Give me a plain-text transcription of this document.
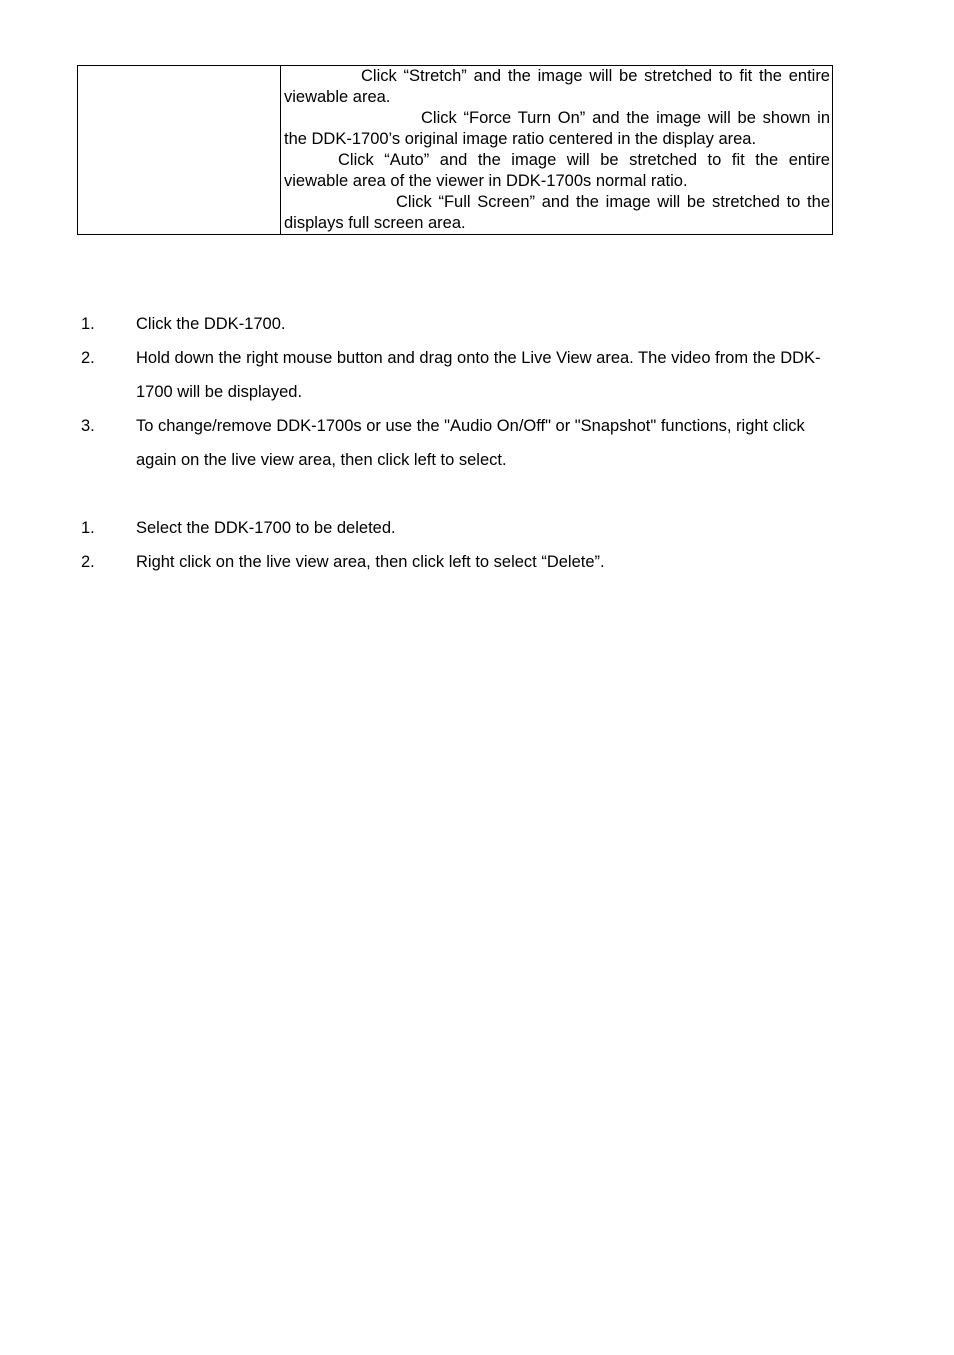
Click “Stretch” and the image will be stretched to fit the entire viewable area.

Click “Force Turn On” and the image will be shown in the DDK-1700’s original image ratio centered in the display area.

Click “Auto” and the image will be stretched to fit the entire viewable area of the viewer in DDK-1700s normal ratio.

Click “Full Screen” and the image will be stretched to the displays full screen area.

1.	Click the DDK-1700.
2.	Hold down the right mouse button and drag onto the Live View area. The video from the DDK-1700 will be displayed.
3.	To change/remove DDK-1700s or use the "Audio On/Off" or "Snapshot" functions, right click again on the live view area, then click left to select.
1.	Select the DDK-1700 to be deleted.
2.	Right click on the live view area, then click left to select “Delete”.
